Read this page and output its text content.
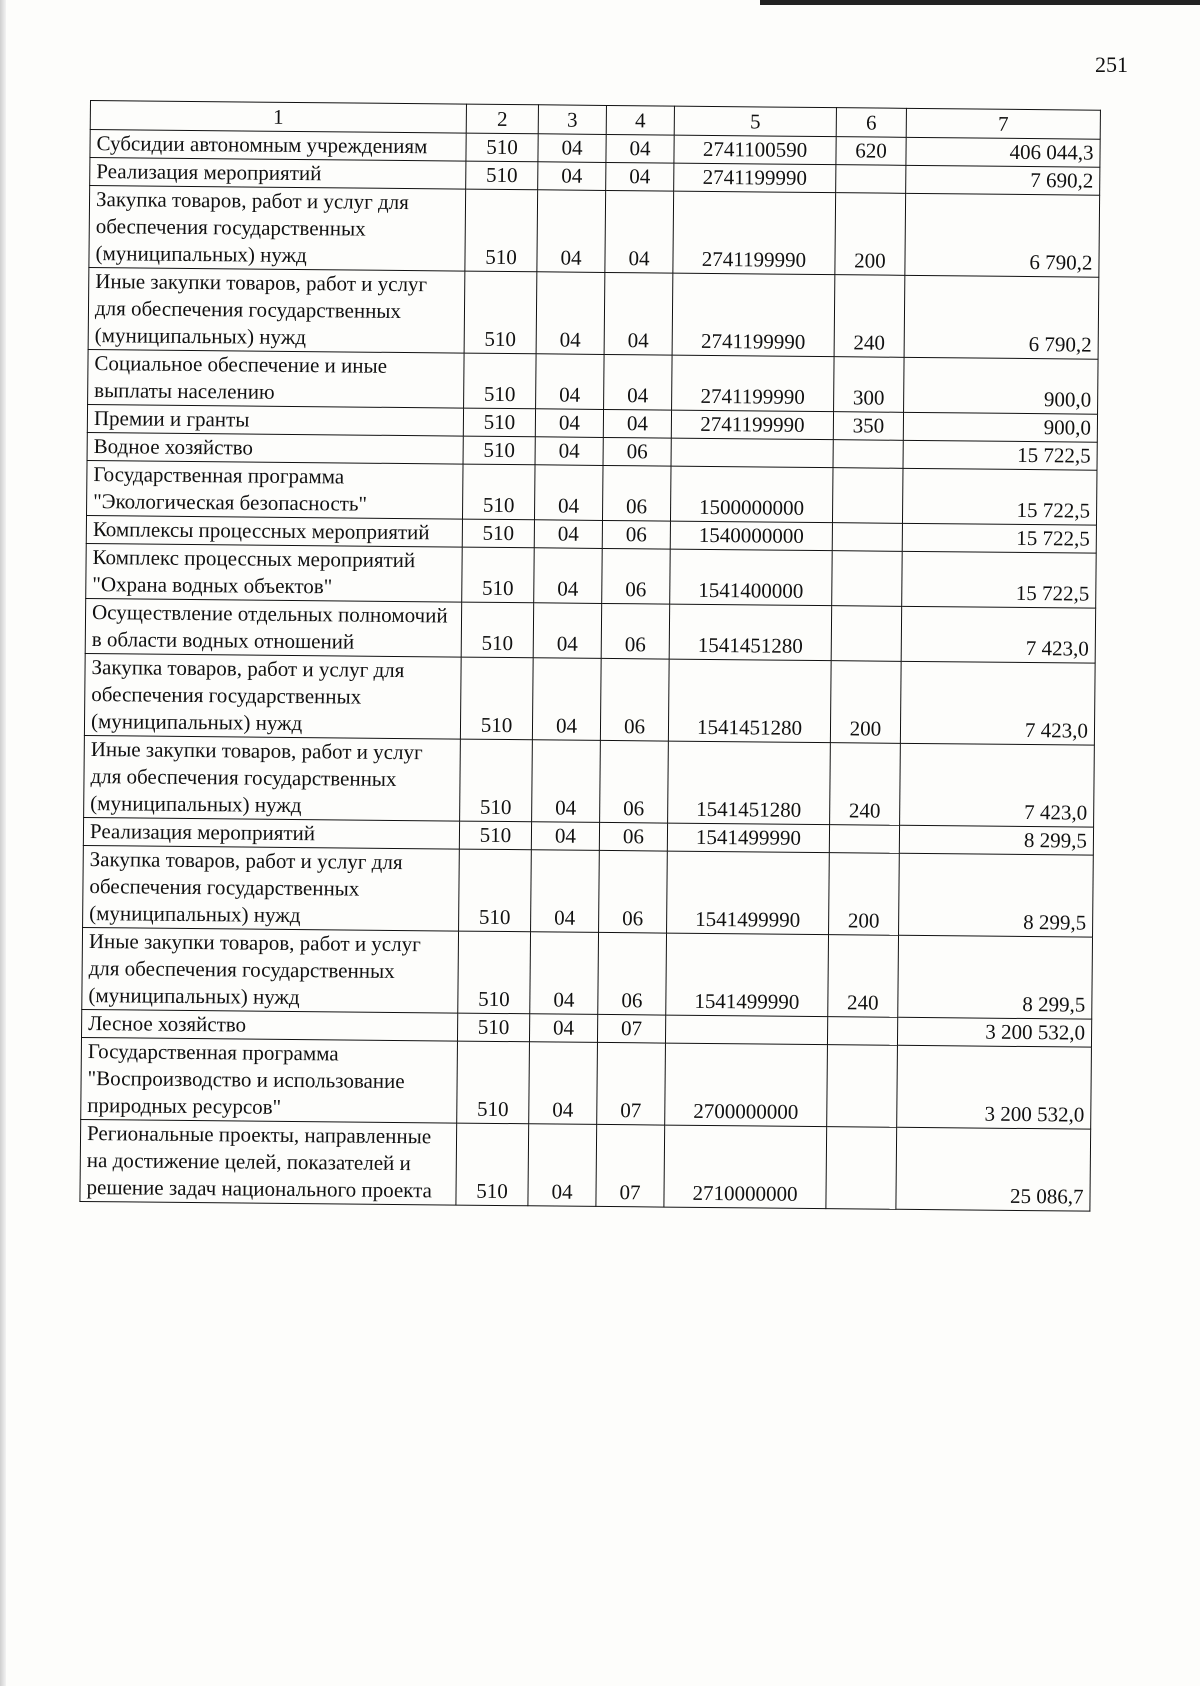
251
1	2	3	4	5	6	7
Субсидии автономным учреждениям	510	04	04	2741100590	620	406 044,3
Реализация мероприятий	510	04	04	2741199990		7 690,2
Закупка товаров, работ и услуг для обеспечения государственных (муниципальных) нужд	510	04	04	2741199990	200	6 790,2
Иные закупки товаров, работ и услуг для обеспечения государственных (муниципальных) нужд	510	04	04	2741199990	240	6 790,2
Социальное обеспечение и иные выплаты населению	510	04	04	2741199990	300	900,0
Премии и гранты	510	04	04	2741199990	350	900,0
Водное хозяйство	510	04	06			15 722,5
Государственная программа "Экологическая безопасность"	510	04	06	1500000000		15 722,5
Комплексы процессных мероприятий	510	04	06	1540000000		15 722,5
Комплекс процессных мероприятий "Охрана водных объектов"	510	04	06	1541400000		15 722,5
Осуществление отдельных полномочий в области водных отношений	510	04	06	1541451280		7 423,0
Закупка товаров, работ и услуг для обеспечения государственных (муниципальных) нужд	510	04	06	1541451280	200	7 423,0
Иные закупки товаров, работ и услуг для обеспечения государственных (муниципальных) нужд	510	04	06	1541451280	240	7 423,0
Реализация мероприятий	510	04	06	1541499990		8 299,5
Закупка товаров, работ и услуг для обеспечения государственных (муниципальных) нужд	510	04	06	1541499990	200	8 299,5
Иные закупки товаров, работ и услуг для обеспечения государственных (муниципальных) нужд	510	04	06	1541499990	240	8 299,5
Лесное хозяйство	510	04	07			3 200 532,0
Государственная программа "Воспроизводство и использование природных ресурсов"	510	04	07	2700000000		3 200 532,0
Региональные проекты, направленные на достижение целей, показателей и решение задач национального проекта	510	04	07	2710000000		25 086,7
